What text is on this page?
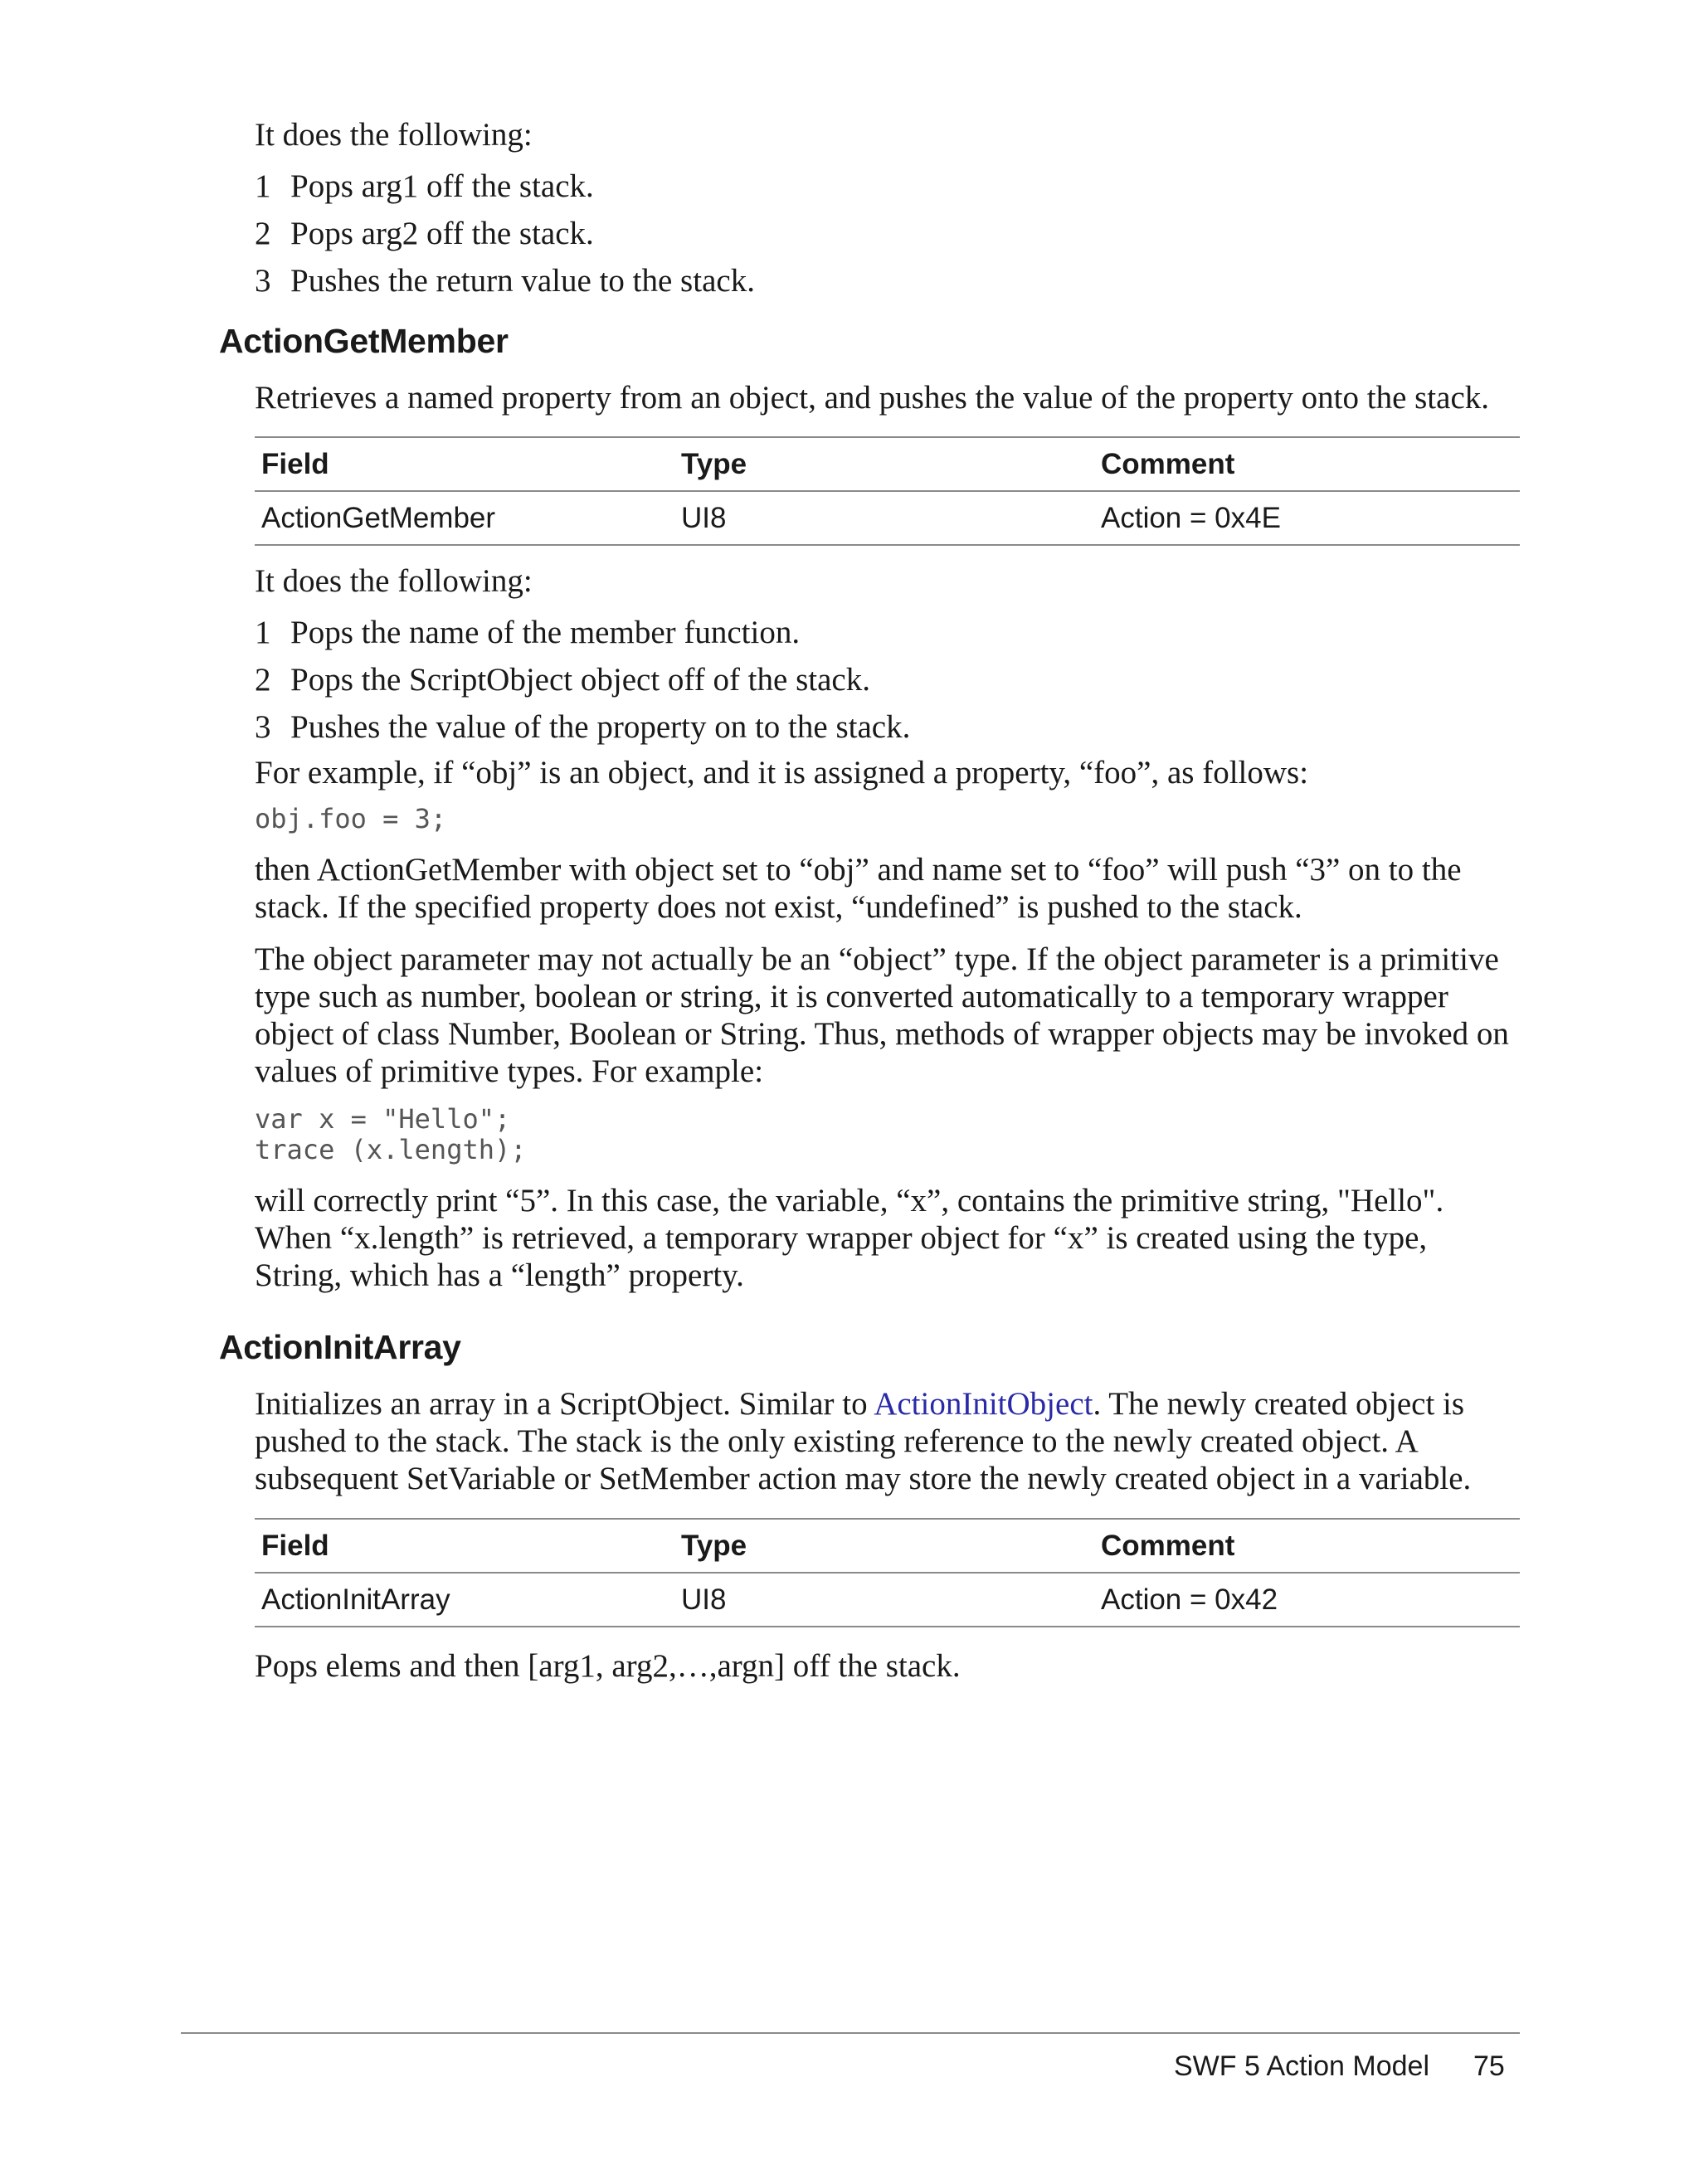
It does the following:

1 Pops arg1 off the stack.
2 Pops arg2 off the stack.
3 Pushes the return value to the stack.
ActionGetMember

Retrieves a named property from an object, and pushes the value of the property onto the stack.

Field	Type	Comment
ActionGetMember	UI8	Action = 0x4E

It does the following:

1 Pops the name of the member function.
2 Pops the ScriptObject object off of the stack.
3 Pushes the value of the property on to the stack.

For example, if “obj” is an object, and it is assigned a property, “foo”, as follows:

obj.foo = 3;

then ActionGetMember with object set to “obj” and name set to “foo” will push “3” on to the stack. If the specified property does not exist, “undefined” is pushed to the stack.

The object parameter may not actually be an “object” type. If the object parameter is a primitive type such as number, boolean or string, it is converted automatically to a temporary wrapper object of class Number, Boolean or String. Thus, methods of wrapper objects may be invoked on values of primitive types. For example:

var x = "Hello";
trace (x.length);

will correctly print “5”. In this case, the variable, “x”, contains the primitive string, "Hello". When “x.length” is retrieved, a temporary wrapper object for “x” is created using the type, String, which has a “length” property.

ActionInitArray

Initializes an array in a ScriptObject. Similar to ActionInitObject. The newly created object is pushed to the stack. The stack is the only existing reference to the newly created object. A subsequent SetVariable or SetMember action may store the newly created object in a variable.

Field	Type	Comment
ActionInitArray	UI8	Action = 0x42

Pops elems and then [arg1, arg2,…,argn] off the stack.

SWF 5 Action Model 75
